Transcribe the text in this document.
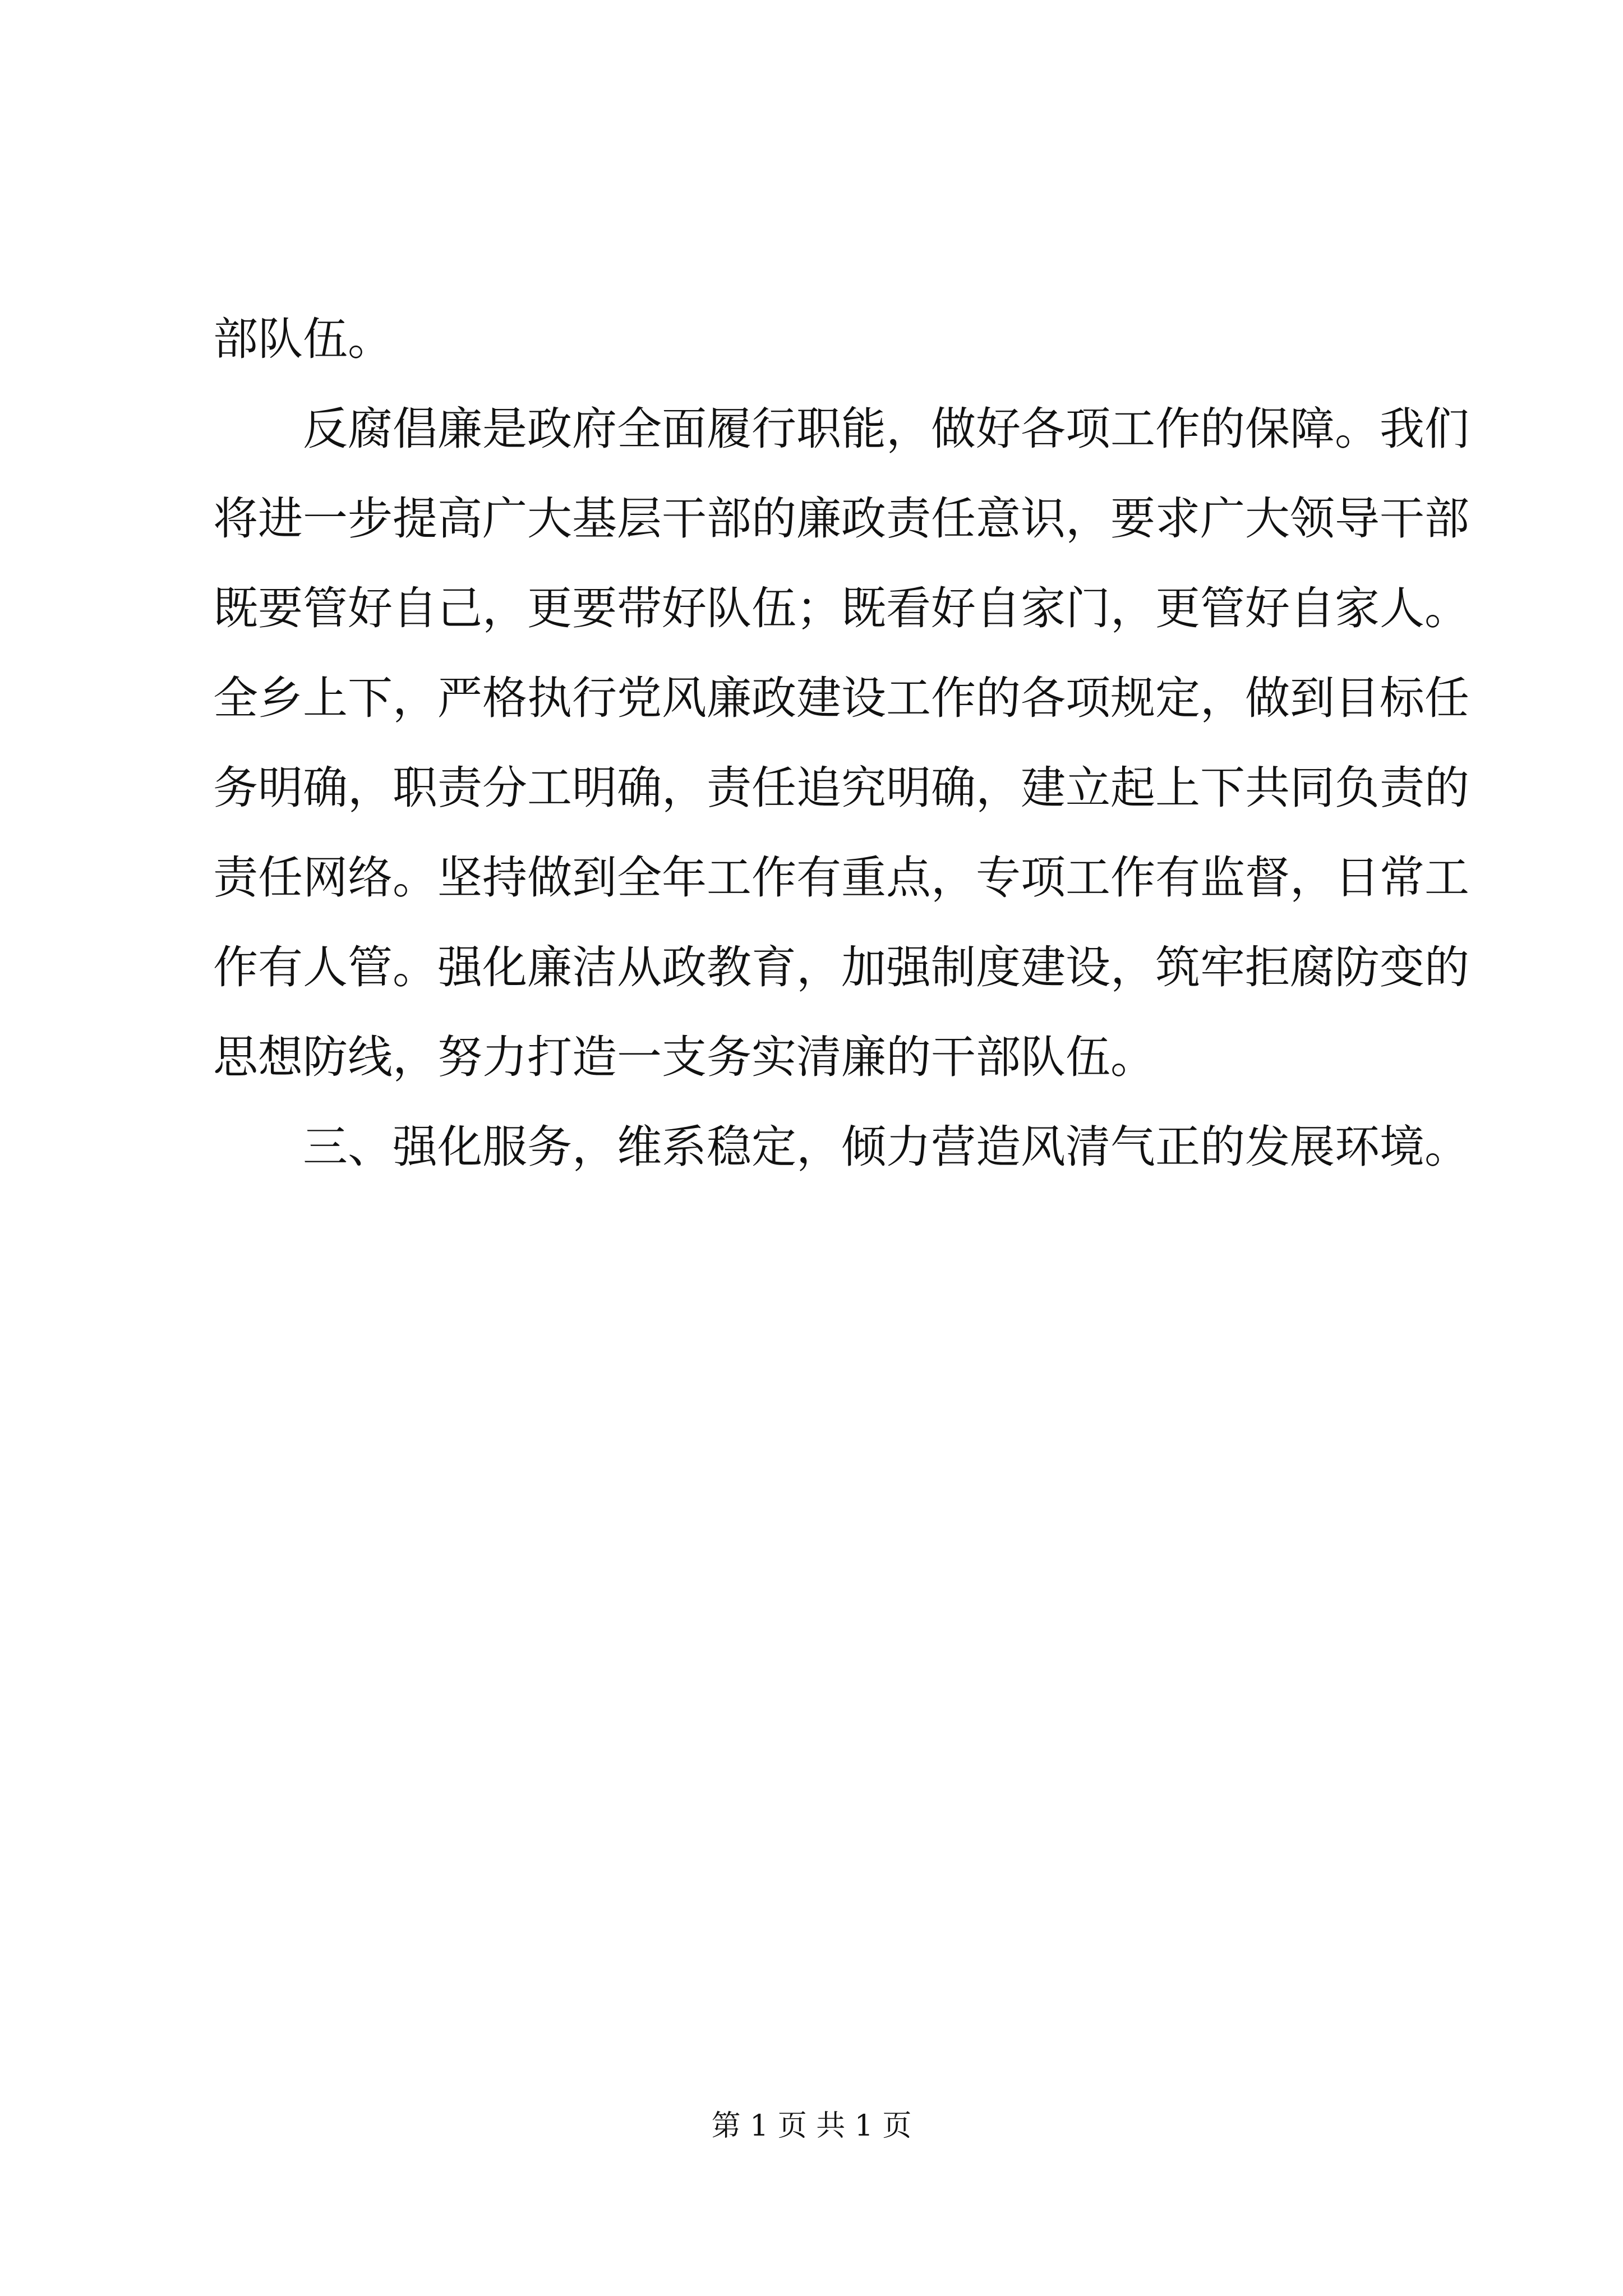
部队伍。
反腐倡廉是政府全面履行职能，做好各项工作的保障。我们
将进一步提高广大基层干部的廉政责任意识，要求广大领导干部
既要管好自己，更要带好队伍；既看好自家门，更管好自家人。
全乡上下，严格执行党风廉政建设工作的各项规定，做到目标任
务明确，职责分工明确，责任追究明确，建立起上下共同负责的
责任网络。坚持做到全年工作有重点，专项工作有监督，日常工
作有人管。强化廉洁从政教育，加强制度建设，筑牢拒腐防变的
思想防线，努力打造一支务实清廉的干部队伍。
三、强化服务，维系稳定，倾力营造风清气正的发展环境。
第 1 页 共 1 页
